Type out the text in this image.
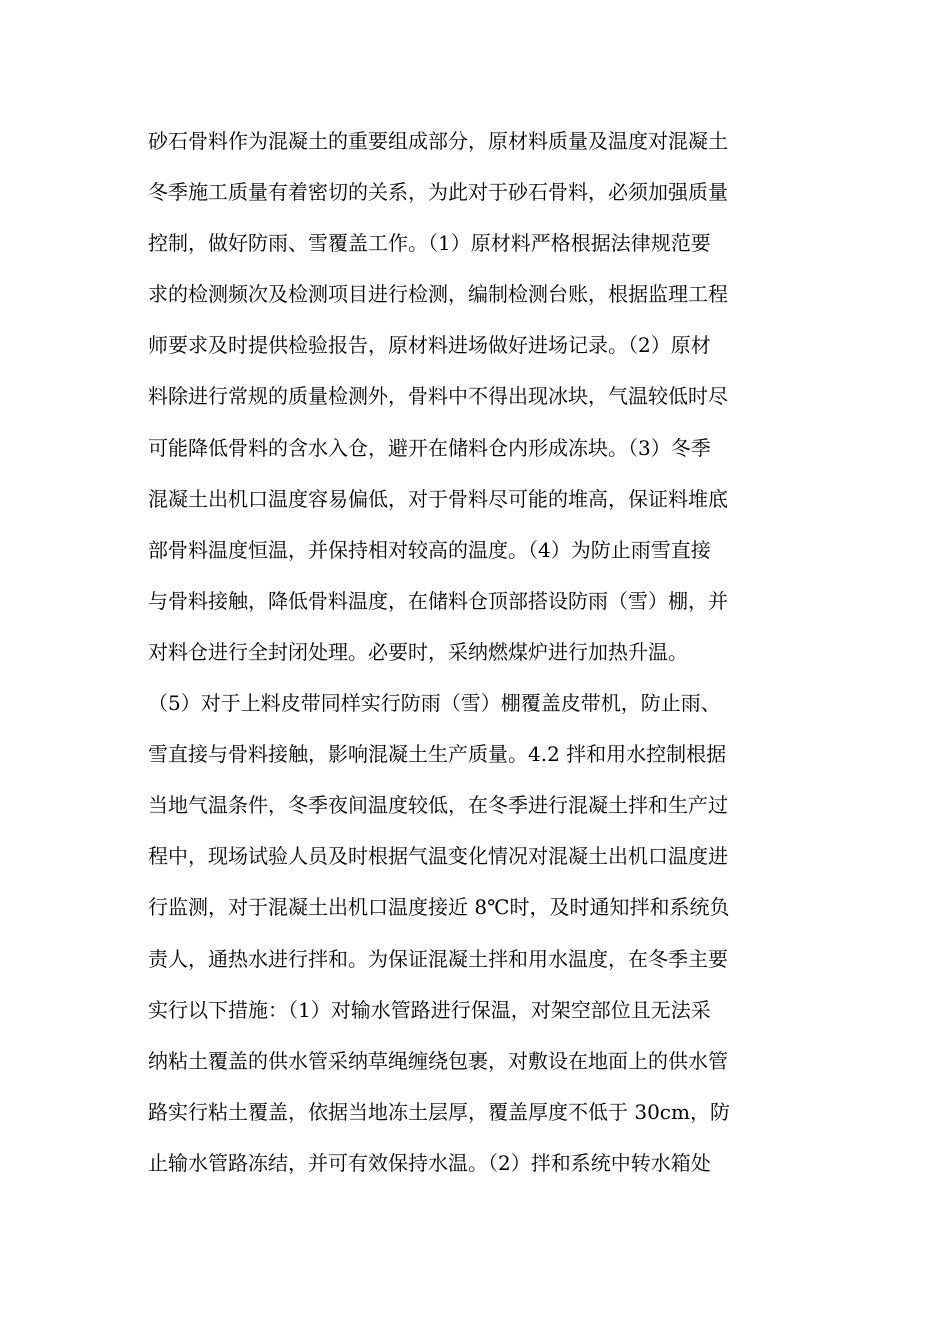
砂石骨料作为混凝土的重要组成部分，原材料质量及温度对混凝土
冬季施工质量有着密切的关系，为此对于砂石骨料，必须加强质量
控制，做好防雨、雪覆盖工作。（1）原材料严格根据法律规范要
求的检测频次及检测项目进行检测，编制检测台账，根据监理工程
师要求及时提供检验报告，原材料进场做好进场记录。（2）原材
料除进行常规的质量检测外，骨料中不得出现冰块，气温较低时尽
可能降低骨料的含水入仓，避开在储料仓内形成冻块。（3）冬季
混凝土出机口温度容易偏低，对于骨料尽可能的堆高，保证料堆底
部骨料温度恒温，并保持相对较高的温度。（4）为防止雨雪直接
与骨料接触，降低骨料温度，在储料仓顶部搭设防雨（雪）棚，并
对料仓进行全封闭处理。必要时，采纳燃煤炉进行加热升温。
（5）对于上料皮带同样实行防雨（雪）棚覆盖皮带机，防止雨、
雪直接与骨料接触，影响混凝土生产质量。4.2 拌和用水控制根据
当地气温条件，冬季夜间温度较低，在冬季进行混凝土拌和生产过
程中，现场试验人员及时根据气温变化情况对混凝土出机口温度进
行监测，对于混凝土出机口温度接近 8℃时，及时通知拌和系统负
责人，通热水进行拌和。为保证混凝土拌和用水温度，在冬季主要
实行以下措施：（1）对输水管路进行保温，对架空部位且无法采
纳粘土覆盖的供水管采纳草绳缠绕包裹，对敷设在地面上的供水管
路实行粘土覆盖，依据当地冻土层厚，覆盖厚度不低于 30cm，防
止输水管路冻结，并可有效保持水温。（2）拌和系统中转水箱处
